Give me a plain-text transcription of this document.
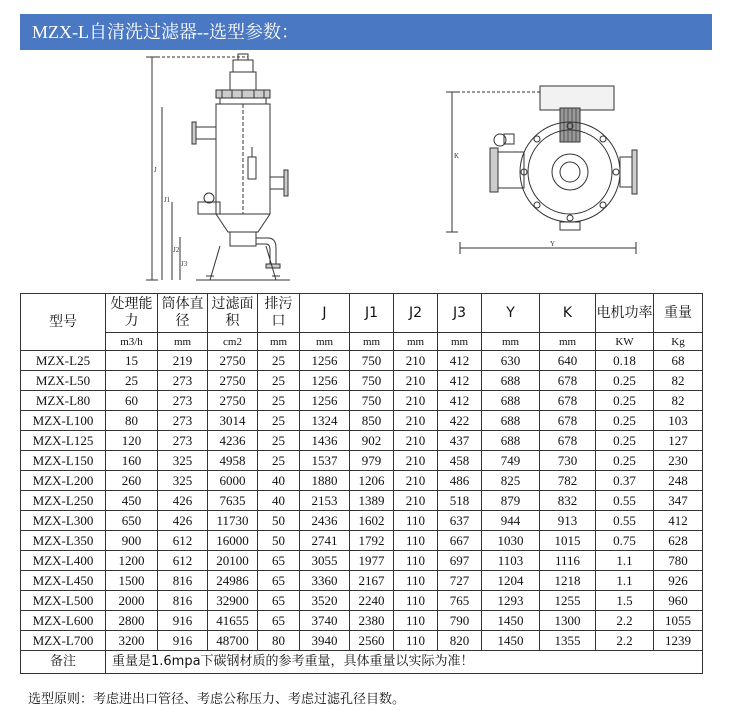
MZX-L自清洗过滤器--选型参数：
J
J1
J2
J3
K
Y
型号	处理能力	筒体直径	过滤面积	排污口	J	J1	J2	J3	Y	K	电机功率	重量
	m3/h	mm	cm2	mm	mm	mm	mm	mm	mm	mm	KW	Kg
MZX-L25	15	219	2750	25	1256	750	210	412	630	640	0.18	68
MZX-L50	25	273	2750	25	1256	750	210	412	688	678	0.25	82
MZX-L80	60	273	2750	25	1256	750	210	412	688	678	0.25	82
MZX-L100	80	273	3014	25	1324	850	210	422	688	678	0.25	103
MZX-L125	120	273	4236	25	1436	902	210	437	688	678	0.25	127
MZX-L150	160	325	4958	25	1537	979	210	458	749	730	0.25	230
MZX-L200	260	325	6000	40	1880	1206	210	486	825	782	0.37	248
MZX-L250	450	426	7635	40	2153	1389	210	518	879	832	0.55	347
MZX-L300	650	426	11730	50	2436	1602	110	637	944	913	0.55	412
MZX-L350	900	612	16000	50	2741	1792	110	667	1030	1015	0.75	628
MZX-L400	1200	612	20100	65	3055	1977	110	697	1103	1116	1.1	780
MZX-L450	1500	816	24986	65	3360	2167	110	727	1204	1218	1.1	926
MZX-L500	2000	816	32900	65	3520	2240	110	765	1293	1255	1.5	960
MZX-L600	2800	916	41655	65	3740	2380	110	790	1450	1300	2.2	1055
MZX-L700	3200	916	48700	80	3940	2560	110	820	1450	1355	2.2	1239
备注	重量是1.6mpa下碳钢材质的参考重量，具体重量以实际为准！											
选型原则：考虑进出口管径、考虑公称压力、考虑过滤孔径目数。
